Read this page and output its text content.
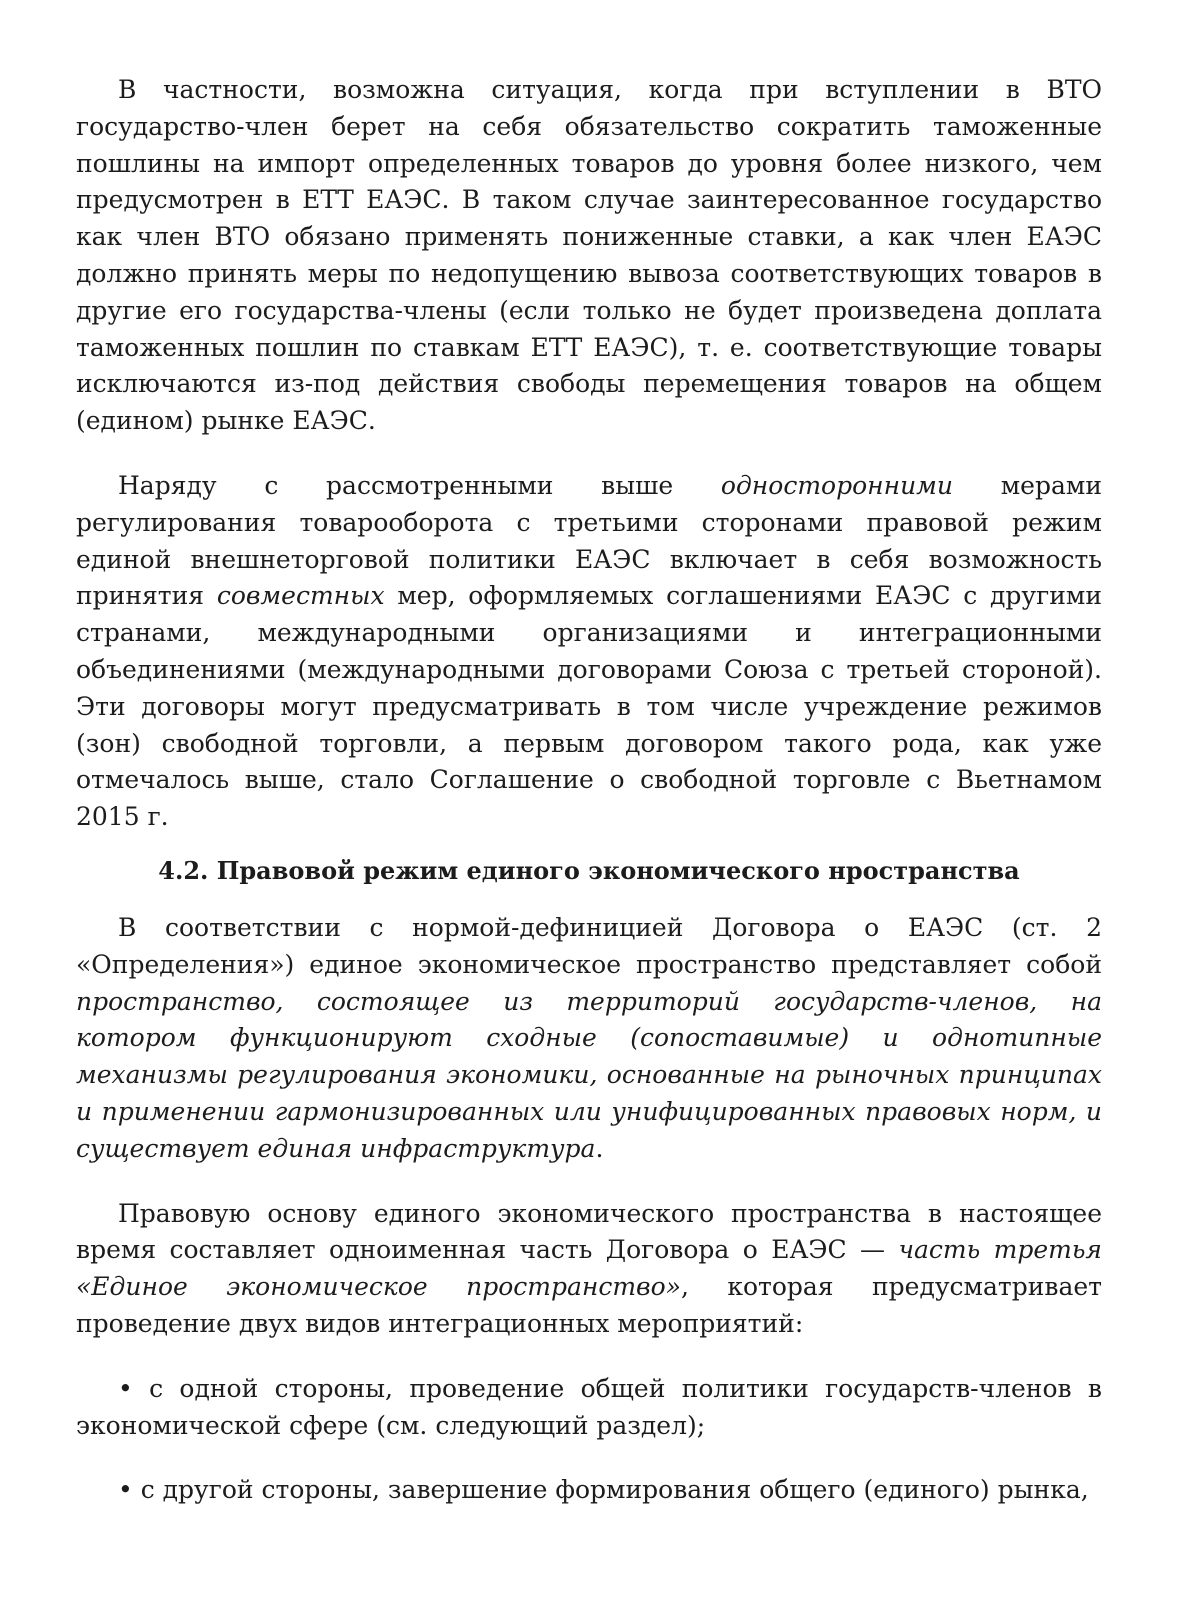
В частности, возможна ситуация, когда при вступлении в ВТО государство-член берет на себя обязательство сократить таможенные пошлины на импорт определенных товаров до уровня более низкого, чем предусмотрен в ЕТТ ЕАЭС. В таком случае заинтересованное государство как член ВТО обязано применять пониженные ставки, а как член ЕАЭС должно принять меры по недопущению вывоза соответствующих товаров в другие его государства-члены (если только не будет произведена доплата таможенных пошлин по ставкам ЕТТ ЕАЭС), т. е. соответствующие товары исключаются из-под действия свободы перемещения товаров на общем (едином) рынке ЕАЭС.

Наряду с рассмотренными выше односторонними мерами регулирования товарооборота с третьими сторонами правовой режим единой внешнеторговой политики ЕАЭС включает в себя возможность принятия совместных мер, оформляемых соглашениями ЕАЭС с другими странами, международными организациями и интеграционными объединениями (международными договорами Союза с третьей стороной). Эти договоры могут предусматривать в том числе учреждение режимов (зон) свободной торговли, а первым договором такого рода, как уже отмечалось выше, стало Соглашение о свободной торговле с Вьетнамом 2015 г.

4.2. Правовой режим единого экономического нространства

В соответствии с нормой-дефиницией Договора о ЕАЭС (ст. 2 «Определения») единое экономическое пространство представляет собой пространство, состоящее из территорий государств-членов, на котором функционируют сходные (сопоставимые) и однотипные механизмы регулирования экономики, основанные на рыночных принципах и применении гармонизированных или унифицированных правовых норм, и существует единая инфраструктура.

Правовую основу единого экономического пространства в настоящее время составляет одноименная часть Договора о ЕАЭС — часть третья «Единое экономическое пространство», которая предусматривает проведение двух видов интеграционных мероприятий:

• с одной стороны, проведение общей политики государств-членов в экономической сфере (см. следующий раздел);

• с другой стороны, завершение формирования общего (единого) рынка,
